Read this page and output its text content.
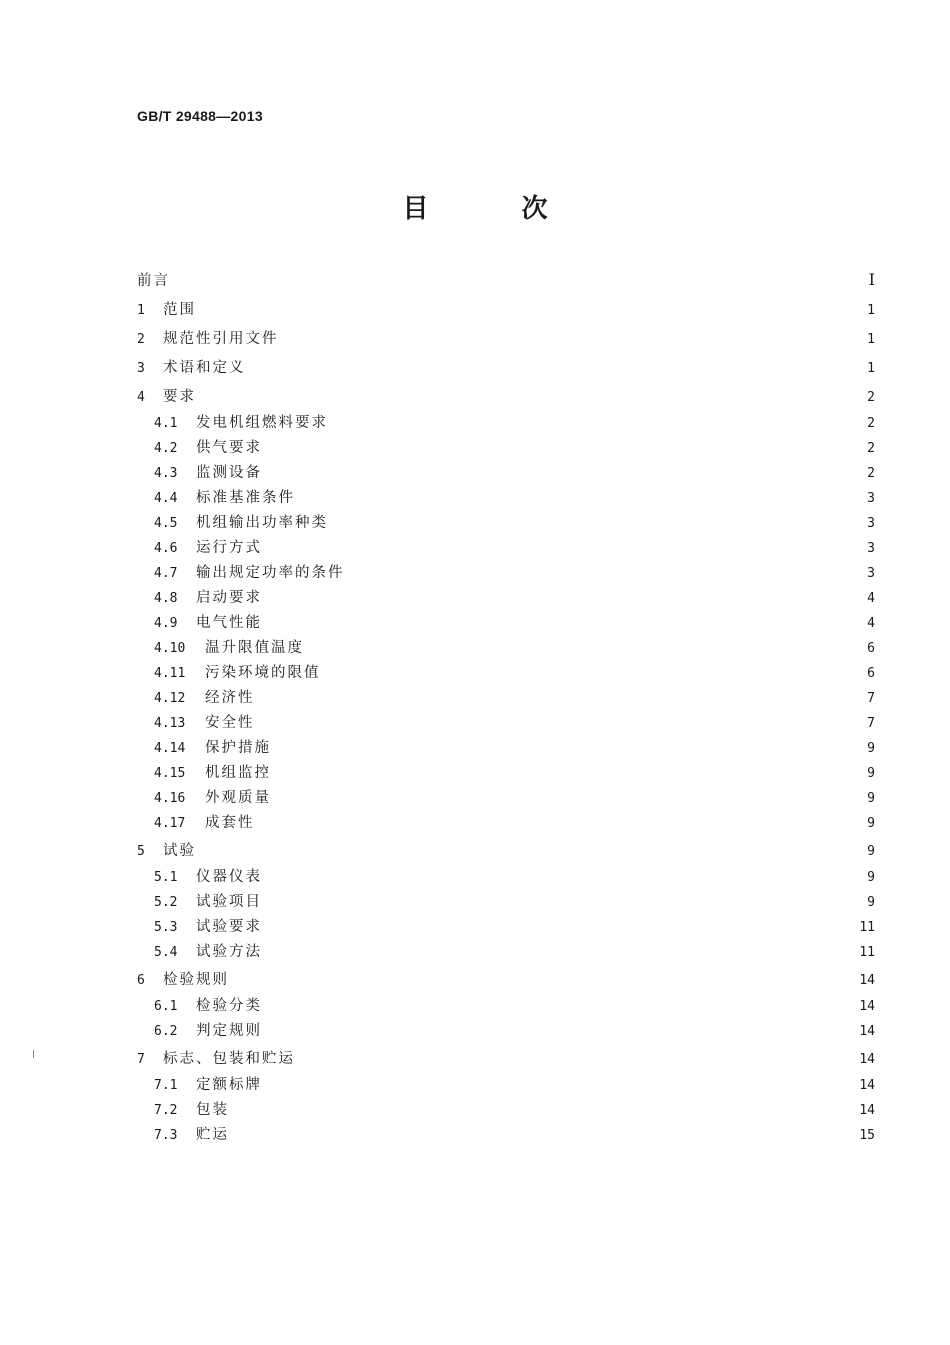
GB/T 29488—2013
目 次
前言	Ⅰ
1	范围	1
2	规范性引用文件	1
3	术语和定义	1
4	要求	2
4.1	发电机组燃料要求	2
4.2	供气要求	2
4.3	监测设备	2
4.4	标准基准条件	3
4.5	机组输出功率种类	3
4.6	运行方式	3
4.7	输出规定功率的条件	3
4.8	启动要求	4
4.9	电气性能	4
4.10	温升限值温度	6
4.11	污染环境的限值	6
4.12	经济性	7
4.13	安全性	7
4.14	保护措施	9
4.15	机组监控	9
4.16	外观质量	9
4.17	成套性	9
5	试验	9
5.1	仪器仪表	9
5.2	试验项目	9
5.3	试验要求	11
5.4	试验方法	11
6	检验规则	14
6.1	检验分类	14
6.2	判定规则	14
7	标志、包装和贮运	14
7.1	定额标牌	14
7.2	包装	14
7.3	贮运	15
